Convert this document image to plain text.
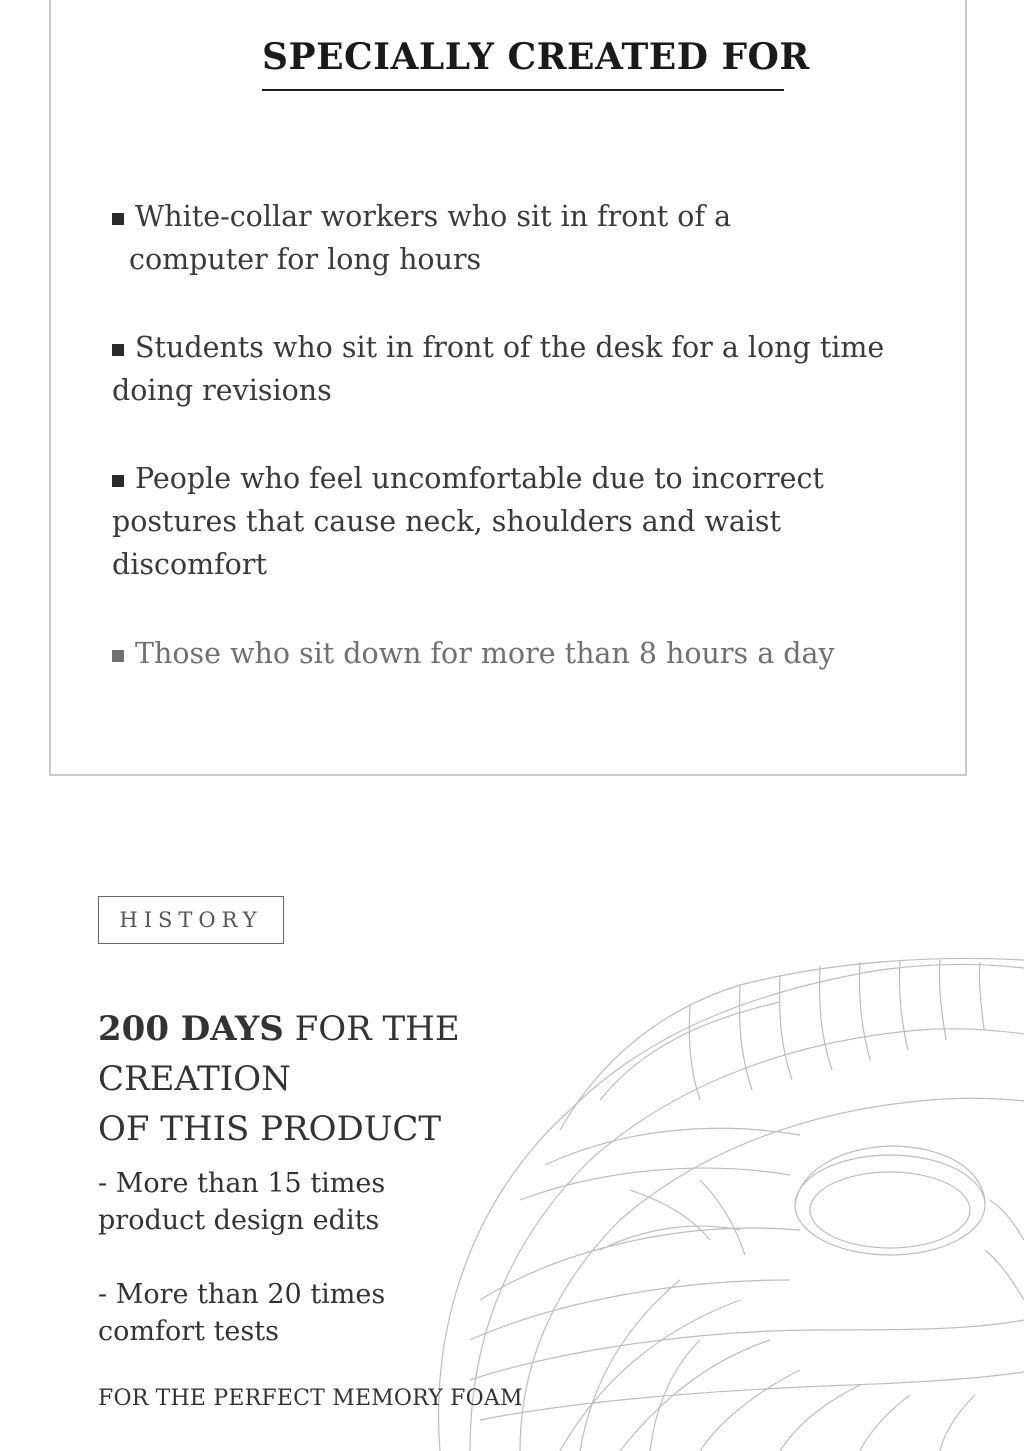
SPECIALLY CREATED FOR
White-collar workers who sit in front of a
computer for long hours
Students who sit in front of the desk for a long time
doing revisions
People who feel uncomfortable due to incorrect
postures that cause neck, shoulders and waist
discomfort
Those who sit down for more than 8 hours a day
HISTORY
200 DAYS FOR THE CREATION
OF THIS PRODUCT
- More than 15 times
product design edits
- More than 20 times
comfort tests
FOR THE PERFECT MEMORY FOAM
